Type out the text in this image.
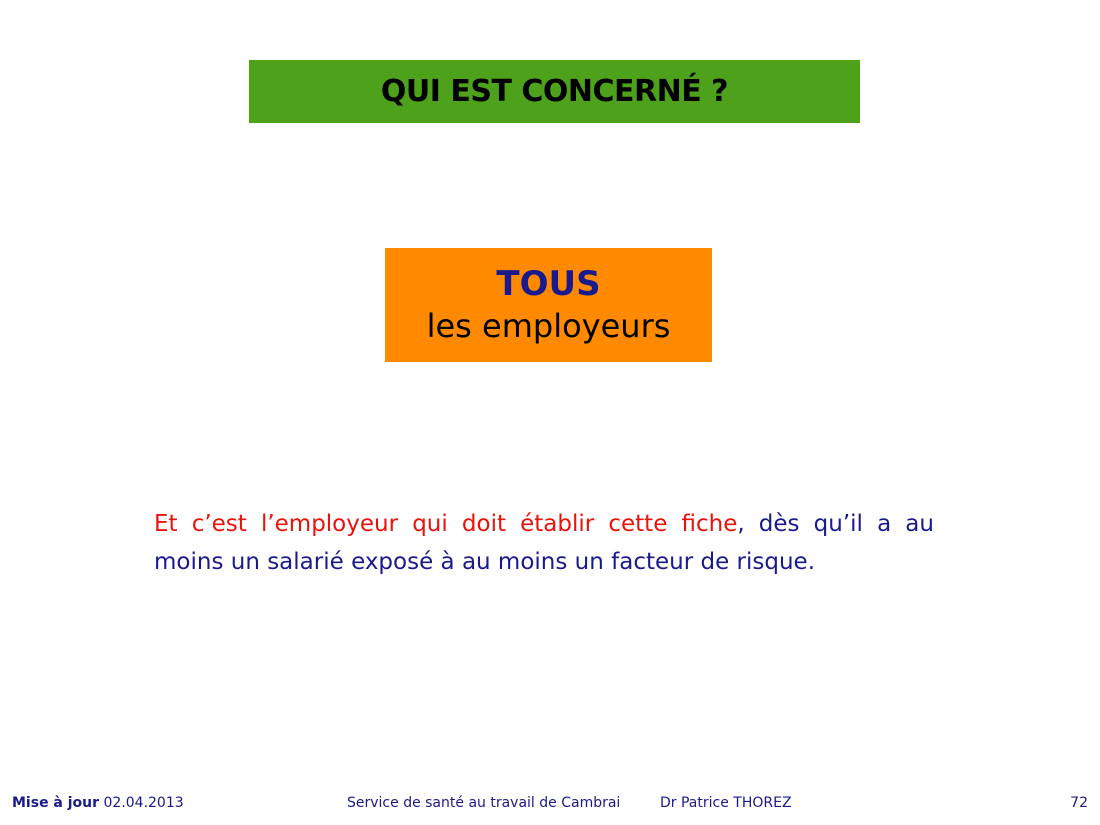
QUI EST CONCERNÉ ?
TOUS
les employeurs
Et c’est l’employeur qui doit établir cette fiche, dès qu’il a au moins un salarié exposé à au moins un facteur de risque.
Mise à jour 02.04.2013	Service de santé au travail de Cambrai	Dr Patrice THOREZ	72
